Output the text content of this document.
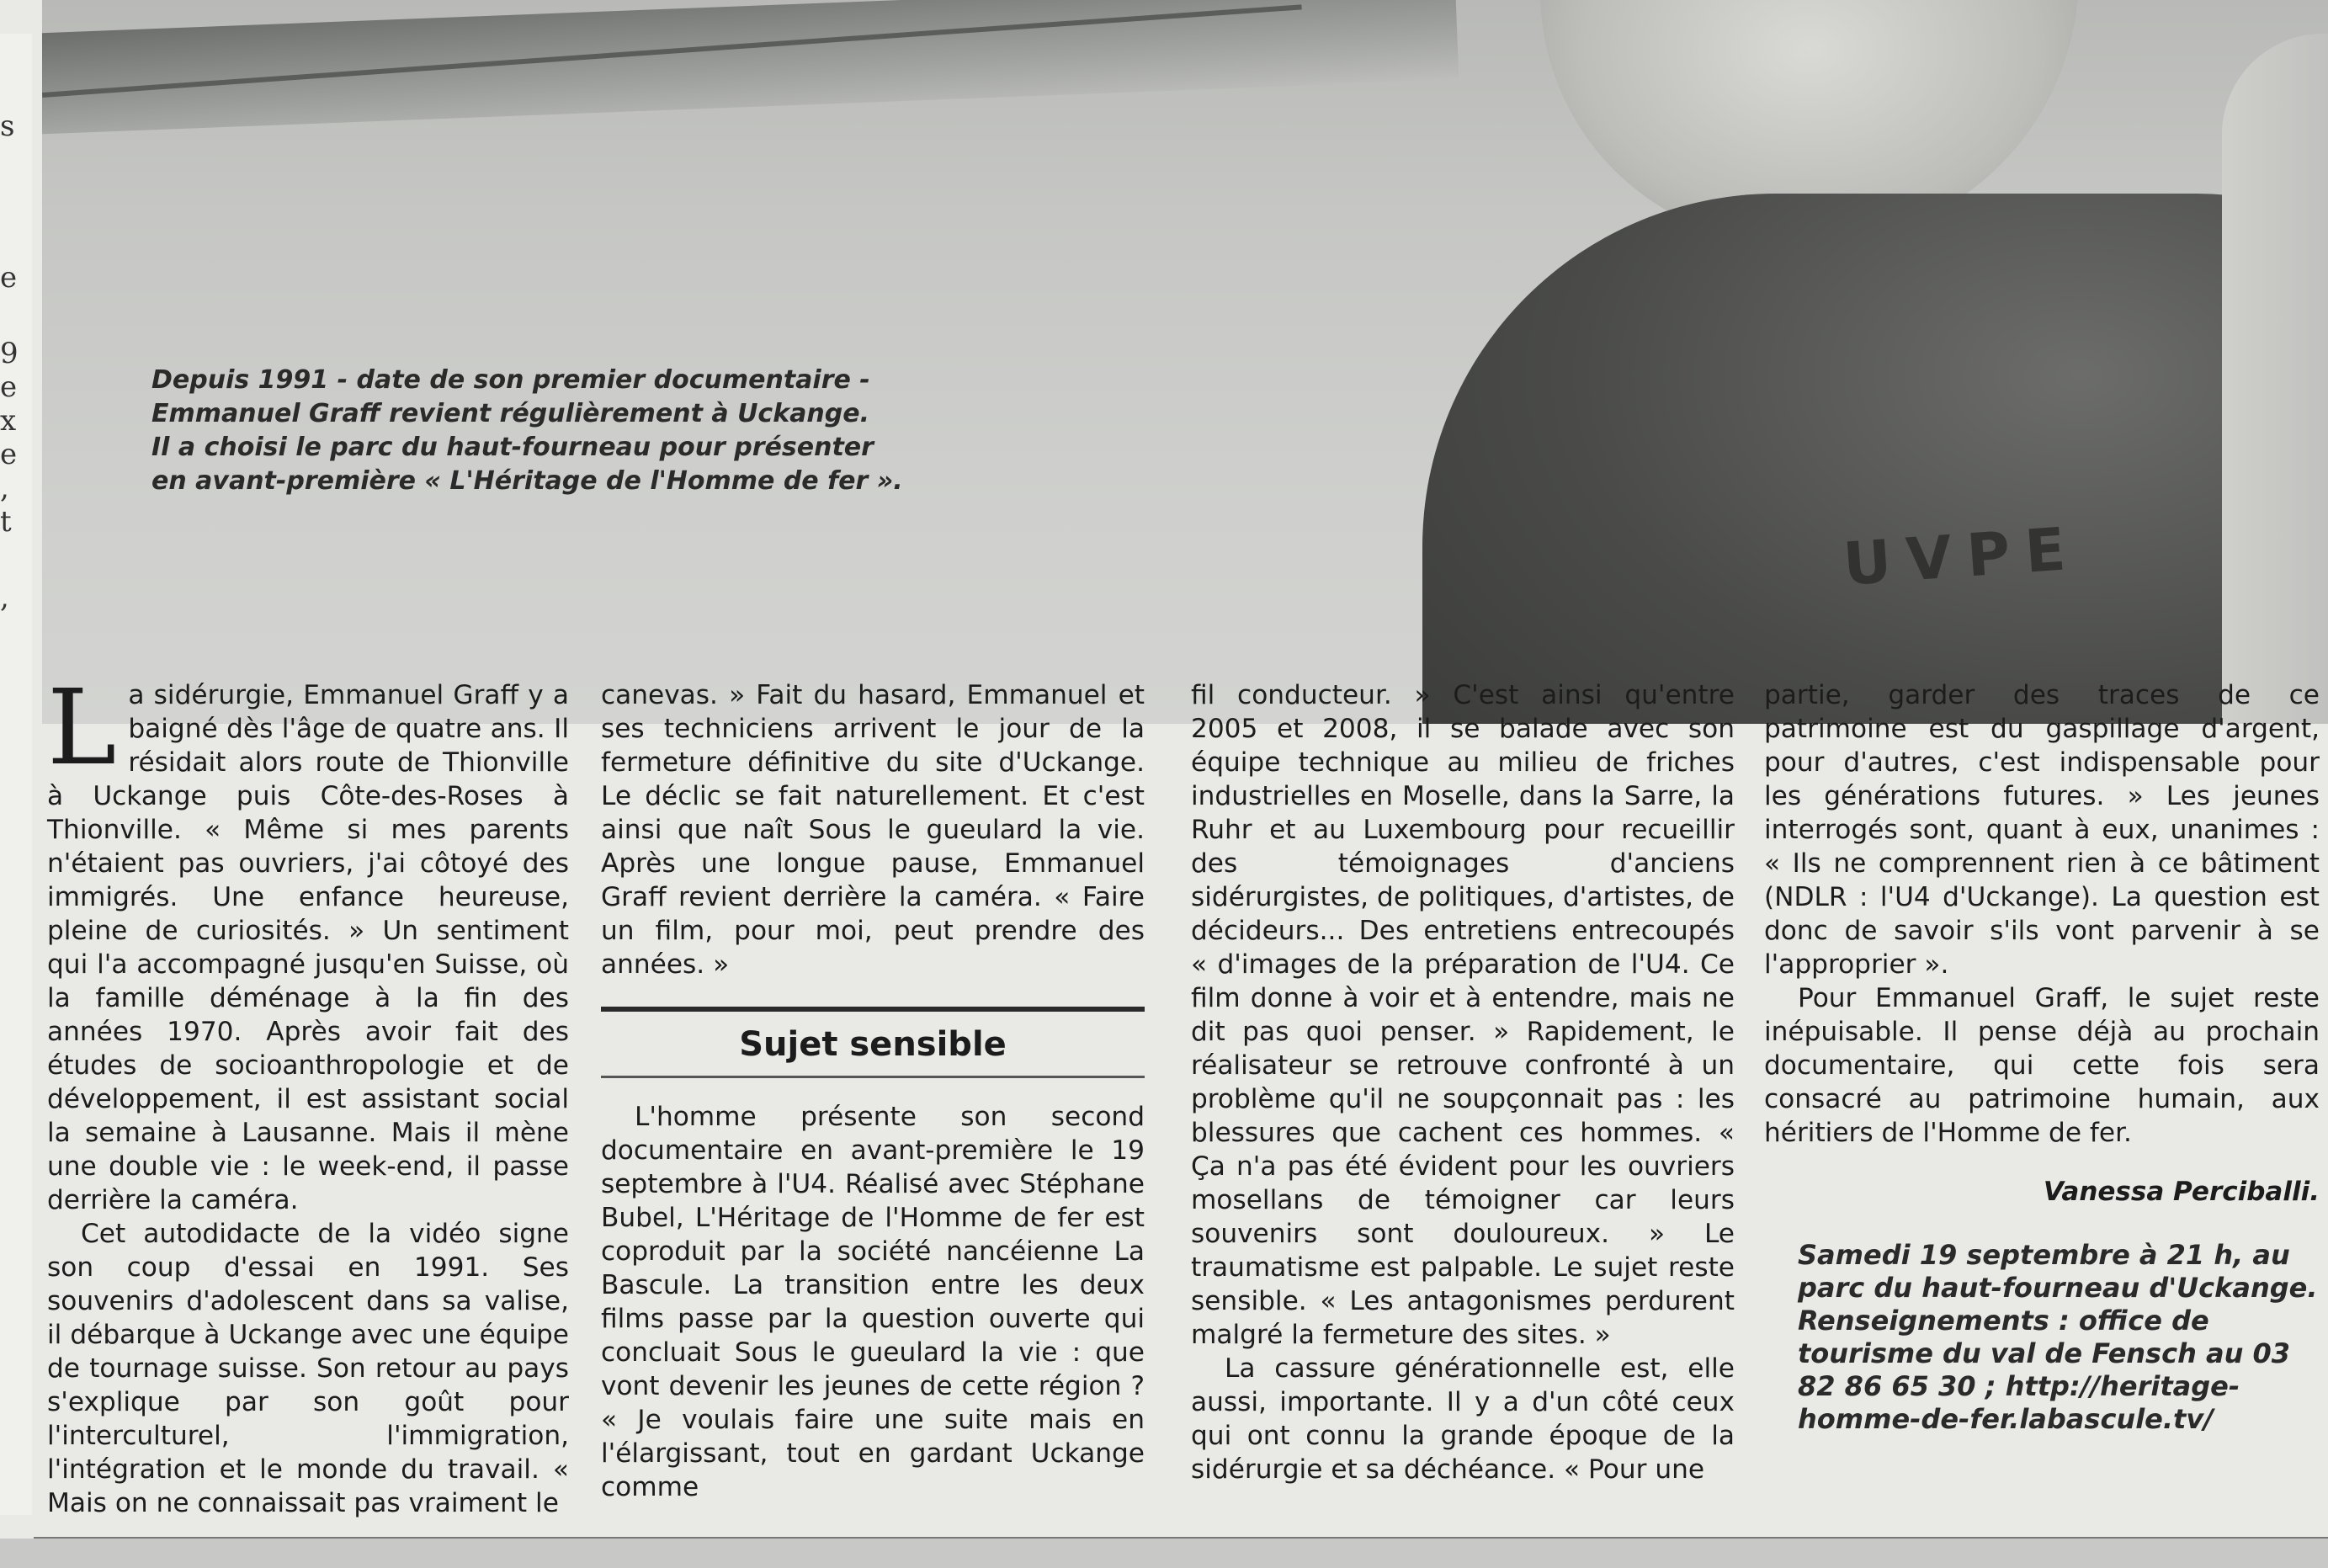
s
e
9
e
x
e
,
t
,	UVPE
Depuis 1991 - date de son premier documentaire -
Emmanuel Graff revient régulièrement à Uckange.
Il a choisi le parc du haut-fourneau pour présenter
en avant-première « L'Héritage de l'Homme de fer ».
L a sidérurgie, Emmanuel Graff y a baigné dès l'âge de quatre ans. Il résidait alors route de Thionville à Uckange puis Côte-des-Roses à Thionville. « Même si mes parents n'étaient pas ouvriers, j'ai côtoyé des immigrés. Une enfance heureuse, pleine de curiosités. » Un sentiment qui l'a accompagné jusqu'en Suisse, où la famille déménage à la fin des années 1970. Après avoir fait des études de socioanthropologie et de développement, il est assistant social la semaine à Lausanne. Mais il mène une double vie : le week-end, il passe derrière la caméra.

Cet autodidacte de la vidéo signe son coup d'essai en 1991. Ses souvenirs d'adolescent dans sa valise, il débarque à Uckange avec une équipe de tournage suisse. Son retour au pays s'explique par son goût pour l'interculturel, l'immigration, l'intégration et le monde du travail. « Mais on ne connaissait pas vraiment le

canevas. » Fait du hasard, Emmanuel et ses techniciens arrivent le jour de la fermeture définitive du site d'Uckange. Le déclic se fait naturellement. Et c'est ainsi que naît Sous le gueulard la vie. Après une longue pause, Emmanuel Graff revient derrière la caméra. « Faire un film, pour moi, peut prendre des années. »

Sujet sensible

L'homme présente son second documentaire en avant-première le 19 septembre à l'U4. Réalisé avec Stéphane Bubel, L'Héritage de l'Homme de fer est coproduit par la société nancéienne La Bascule. La transition entre les deux films passe par la question ouverte qui concluait Sous le gueulard la vie : que vont devenir les jeunes de cette région ? « Je voulais faire une suite mais en l'élargissant, tout en gardant Uckange comme

fil conducteur. » C'est ainsi qu'entre 2005 et 2008, il se balade avec son équipe technique au milieu de friches industrielles en Moselle, dans la Sarre, la Ruhr et au Luxembourg pour recueillir des témoignages d'anciens sidérurgistes, de politiques, d'artistes, de décideurs... Des entretiens entrecoupés « d'images de la préparation de l'U4. Ce film donne à voir et à entendre, mais ne dit pas quoi penser. » Rapidement, le réalisateur se retrouve confronté à un problème qu'il ne soupçonnait pas : les blessures que cachent ces hommes. « Ça n'a pas été évident pour les ouvriers mosellans de témoigner car leurs souvenirs sont douloureux. » Le traumatisme est palpable. Le sujet reste sensible. « Les antagonismes perdurent malgré la fermeture des sites. »

La cassure générationnelle est, elle aussi, importante. Il y a d'un côté ceux qui ont connu la grande époque de la sidérurgie et sa déchéance. « Pour une

partie, garder des traces de ce patrimoine est du gaspillage d'argent, pour d'autres, c'est indispensable pour les générations futures. » Les jeunes interrogés sont, quant à eux, unanimes : « Ils ne comprennent rien à ce bâtiment (NDLR : l'U4 d'Uckange). La question est donc de savoir s'ils vont parvenir à se l'approprier ».

Pour Emmanuel Graff, le sujet reste inépuisable. Il pense déjà au prochain documentaire, qui cette fois sera consacré au patrimoine humain, aux héritiers de l'Homme de fer.

Vanessa Perciballi.
Samedi 19 septembre à 21 h, au parc du haut-fourneau d'Uckange. Renseignements : office de tourisme du val de Fensch au 03 82 86 65 30 ; http://heritage-homme-de-fer.labascule.tv/
